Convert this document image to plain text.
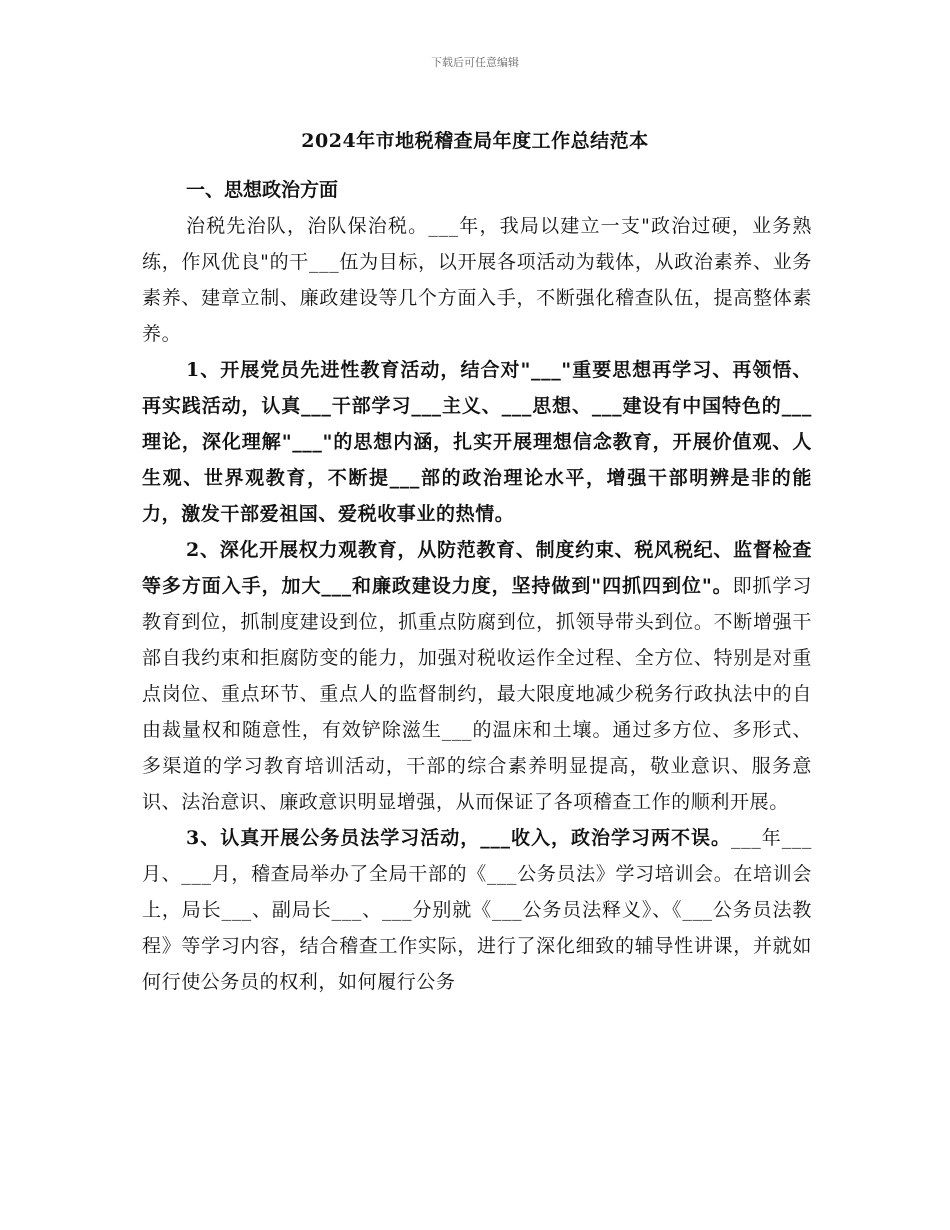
下载后可任意编辑
2024年市地税稽查局年度工作总结范本

一、思想政治方面

治税先治队，治队保治税。___年，我局以建立一支"政治过硬，业务熟练，作风优良"的干___伍为目标，以开展各项活动为载体，从政治素养、业务素养、建章立制、廉政建设等几个方面入手，不断强化稽查队伍，提高整体素养。

1、开展党员先进性教育活动，结合对"___"重要思想再学习、再领悟、再实践活动，认真___干部学习___主义、___思想、___建设有中国特色的___理论，深化理解"___"的思想内涵，扎实开展理想信念教育，开展价值观、人生观、世界观教育，不断提___部的政治理论水平，增强干部明辨是非的能力，激发干部爱祖国、爱税收事业的热情。

2、深化开展权力观教育，从防范教育、制度约束、税风税纪、监督检查等多方面入手，加大___和廉政建设力度，坚持做到"四抓四到位"。即抓学习教育到位，抓制度建设到位，抓重点防腐到位，抓领导带头到位。不断增强干部自我约束和拒腐防变的能力，加强对税收运作全过程、全方位、特别是对重点岗位、重点环节、重点人的监督制约，最大限度地减少税务行政执法中的自由裁量权和随意性，有效铲除滋生___的温床和土壤。通过多方位、多形式、多渠道的学习教育培训活动，干部的综合素养明显提高，敬业意识、服务意识、法治意识、廉政意识明显增强，从而保证了各项稽查工作的顺利开展。

3、认真开展公务员法学习活动，___收入，政治学习两不误。___年___月、___月，稽查局举办了全局干部的《___公务员法》学习培训会。在培训会上，局长___、副局长___、___分别就《___公务员法释义》、《___公务员法教程》等学习内容，结合稽查工作实际，进行了深化细致的辅导性讲课，并就如何行使公务员的权利，如何履行公务
